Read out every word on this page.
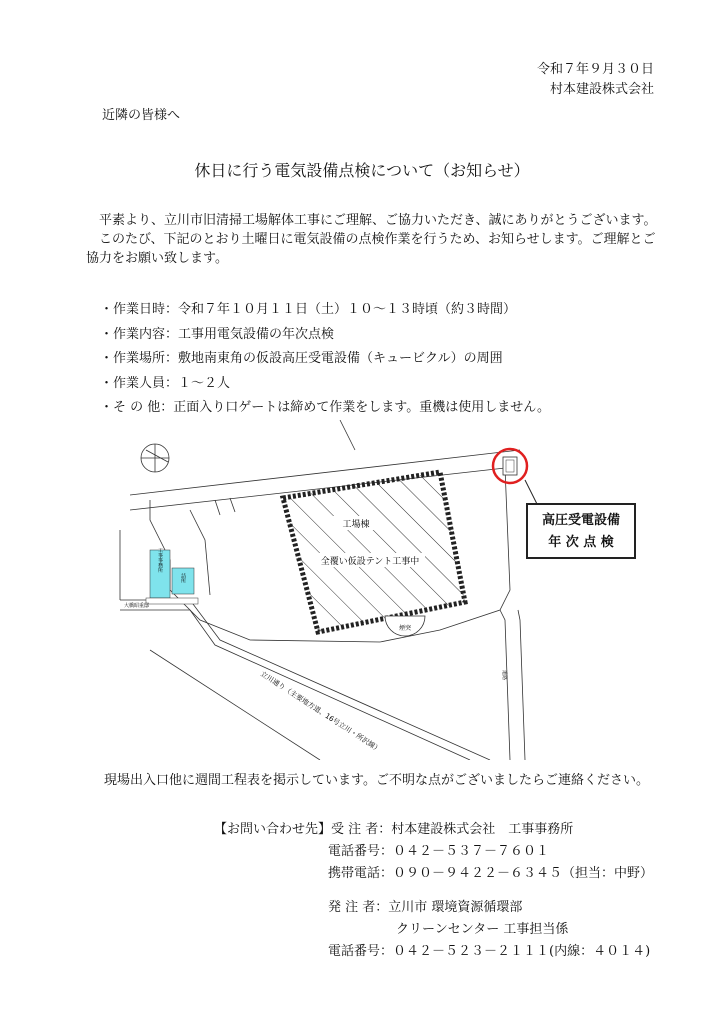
令和７年９月３０日
村本建設株式会社
近隣の皆様へ
休日に行う電気設備点検について（お知らせ）

　平素より、立川市旧清掃工場解体工事にご理解、ご協力いただき、誠にありがとうございます。

　このたび、下記のとおり土曜日に電気設備の点検作業を行うため、お知らせします。ご理解とご協力をお願い致します。

・作業日時：令和７年１０月１１日（土）１０～１３時頃（約３時間）
・作業内容：工事用電気設備の年次点検
・作業場所：敷地南東角の仮設高圧受電設備（キュービクル）の周囲
・作業人員：１～２人
・そ の 他：正面入り口ゲートは締めて作業をします。重機は使用しません。
工場棟
全覆い仮設テント工事中
煙突
工事事務所
詰所
大橋昭重邸
立川通り（主要地方道、16号立川・所沢線）	道路
高圧受電設備
年 次 点 検
現場出入口他に週間工程表を掲示しています。ご不明な点がございましたらご連絡ください。
【お問い合わせ先】受 注 者：村本建設株式会社　工事事務所
電話番号：０４２－５３７－７６０１
携帯電話：０９０－９４２２－６３４５（担当：中野）
発 注 者：立川市 環境資源循環部
クリーンセンター 工事担当係
電話番号：０４２－５２３－２１１１(内線：４０１４)
